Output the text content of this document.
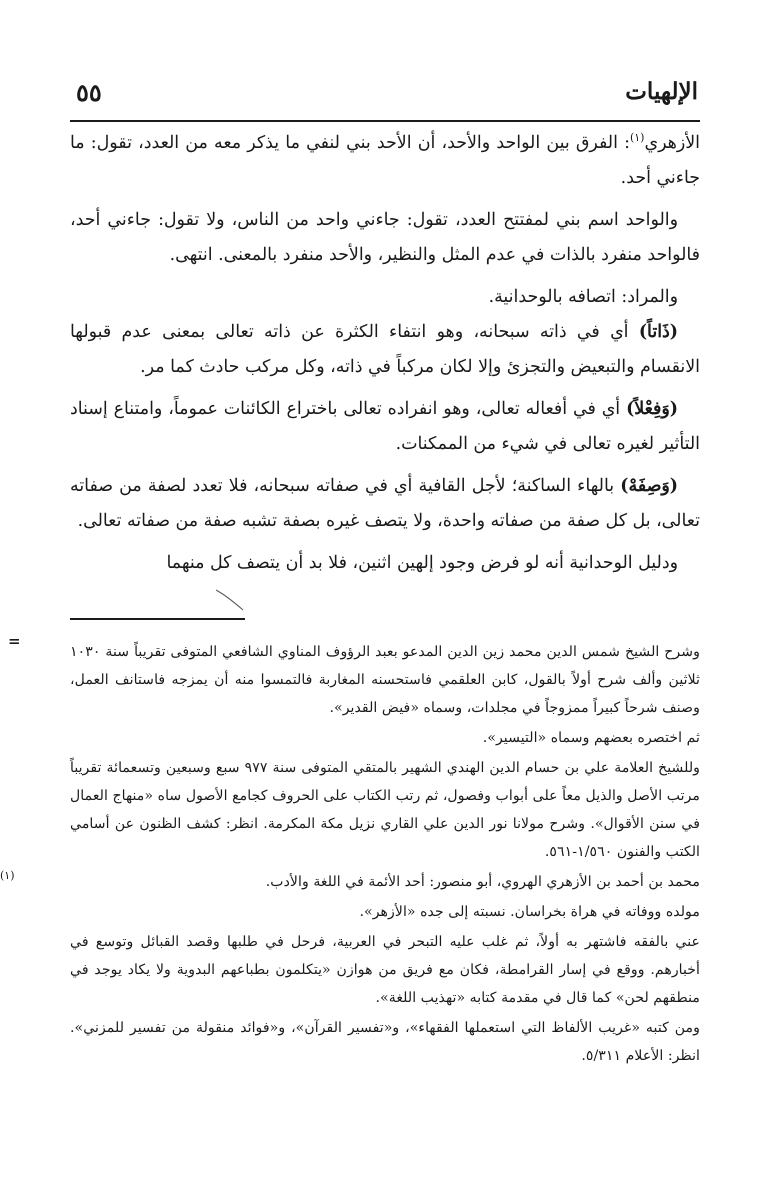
الإلهيات
٥٥

الأزهري$^{(١)}$: الفرق بين الواحد والأحد، أن الأحد بني لنفي ما يذكر معه من العدد، تقول: ما جاءني أحد.

والواحد اسم بني لمفتتح العدد، تقول: جاءني واحد من الناس، ولا تقول: جاءني أحد، فالواحد منفرد بالذات في عدم المثل والنظير، والأحد منفرد بالمعنى. انتهى.

والمراد: اتصافه بالوحدانية.

(ذَاتاً) أي في ذاته سبحانه، وهو انتفاء الكثرة عن ذاته تعالى بمعنى عدم قبولها الانقسام والتبعيض والتجزئ وإلا لكان مركباً في ذاته، وكل مركب حادث كما مر.

(وَفِعْلاً) أي في أفعاله تعالى، وهو انفراده تعالى باختراع الكائنات عموماً، وامتناع إسناد التأثير لغيره تعالى في شيء من الممكنات.

(وَصِفَهْ) بالهاء الساكنة؛ لأجل القافية أي في صفاته سبحانه، فلا تعدد لصفة من صفاته تعالى، بل كل صفة من صفاته واحدة، ولا يتصف غيره بصفة تشبه صفة من صفاته تعالى.

ودليل الوحدانية أنه لو فرض وجود إلهين اثنين، فلا بد أن يتصف كل منهما

=

وشرح الشيخ شمس الدين محمد زين الدين المدعو بعبد الرؤوف المناوي الشافعي المتوفى تقريباً سنة ١٠٣٠ ثلاثين وألف شرح أولاً بالقول، كابن العلقمي فاستحسنه المغاربة فالتمسوا منه أن يمزجه فاستانف العمل، وصنف شرحاً كبيراً ممزوجاً في مجلدات، وسماه «فيض القدير».

ثم اختصره بعضهم وسماه «التيسير».

وللشيخ العلامة علي بن حسام الدين الهندي الشهير بالمتقي المتوفى سنة ٩٧٧ سبع وسبعين وتسعمائة تقريباً مرتب الأصل والذيل معاً على أبواب وفصول، ثم رتب الكتاب على الحروف كجامع الأصول ساه «منهاج العمال في سنن الأقوال». وشرح مولانا نور الدين علي القاري نزيل مكة المكرمة. انظر: كشف الظنون عن أسامي الكتب والفنون ١/٥٦٠-٥٦١.

(١)	محمد بن أحمد بن الأزهري الهروي، أبو منصور: أحد الأئمة في اللغة والأدب.

مولده ووفاته في هراة بخراسان. نسبته إلى جده «الأزهر».

عني بالفقه فاشتهر به أولاً، ثم غلب عليه التبحر في العربية، فرحل في طلبها وقصد القبائل وتوسع في أخبارهم. ووقع في إسار القرامطة، فكان مع فريق من هوازن «يتكلمون بطباعهم البدوية ولا يكاد يوجد في منطقهم لحن» كما قال في مقدمة كتابه «تهذيب اللغة».

ومن كتبه «غريب الألفاظ التي استعملها الفقهاء»، و«تفسير القرآن»، و«فوائد منقولة من تفسير للمزني». انظر: الأعلام ٥/٣١١.
